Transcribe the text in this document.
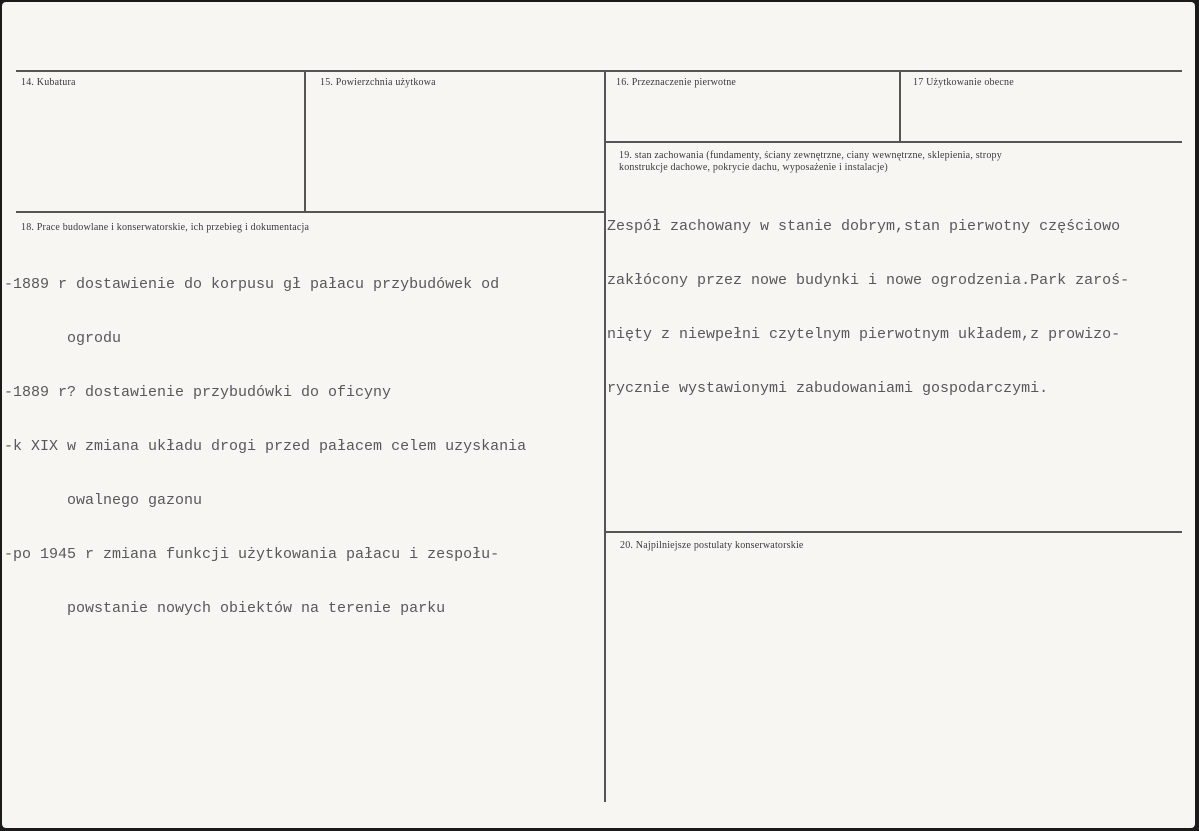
14. Kubatura	15. Powierzchnia użytkowa	16. Przeznaczenie pierwotne	17 Użytkowanie obecne
18. Prace budowlane i konserwatorskie, ich przebieg i dokumentacja
19. stan zachowania (fundamenty, ściany zewnętrzne, ciany wewnętrzne, sklepienia, stropy
konstrukcje dachowe, pokrycie dachu, wyposażenie i instalacje)
20. Najpilniejsze postulaty konserwatorskie

-1889 r dostawienie do korpusu gł pałacu przybudówek od

ogrodu

-1889 r? dostawienie przybudówki do oficyny

-k XIX w zmiana układu drogi przed pałacem celem uzyskania

owalnego gazonu

-po 1945 r zmiana funkcji użytkowania pałacu i zespołu-

powstanie nowych obiektów na terenie parku

Zespół zachowany w stanie dobrym,stan pierwotny częściowo

zakłócony przez nowe budynki i nowe ogrodzenia.Park zaroś-

nięty z niewpełni czytelnym pierwotnym układem,z prowizo-

rycznie wystawionymi zabudowaniami gospodarczymi.
